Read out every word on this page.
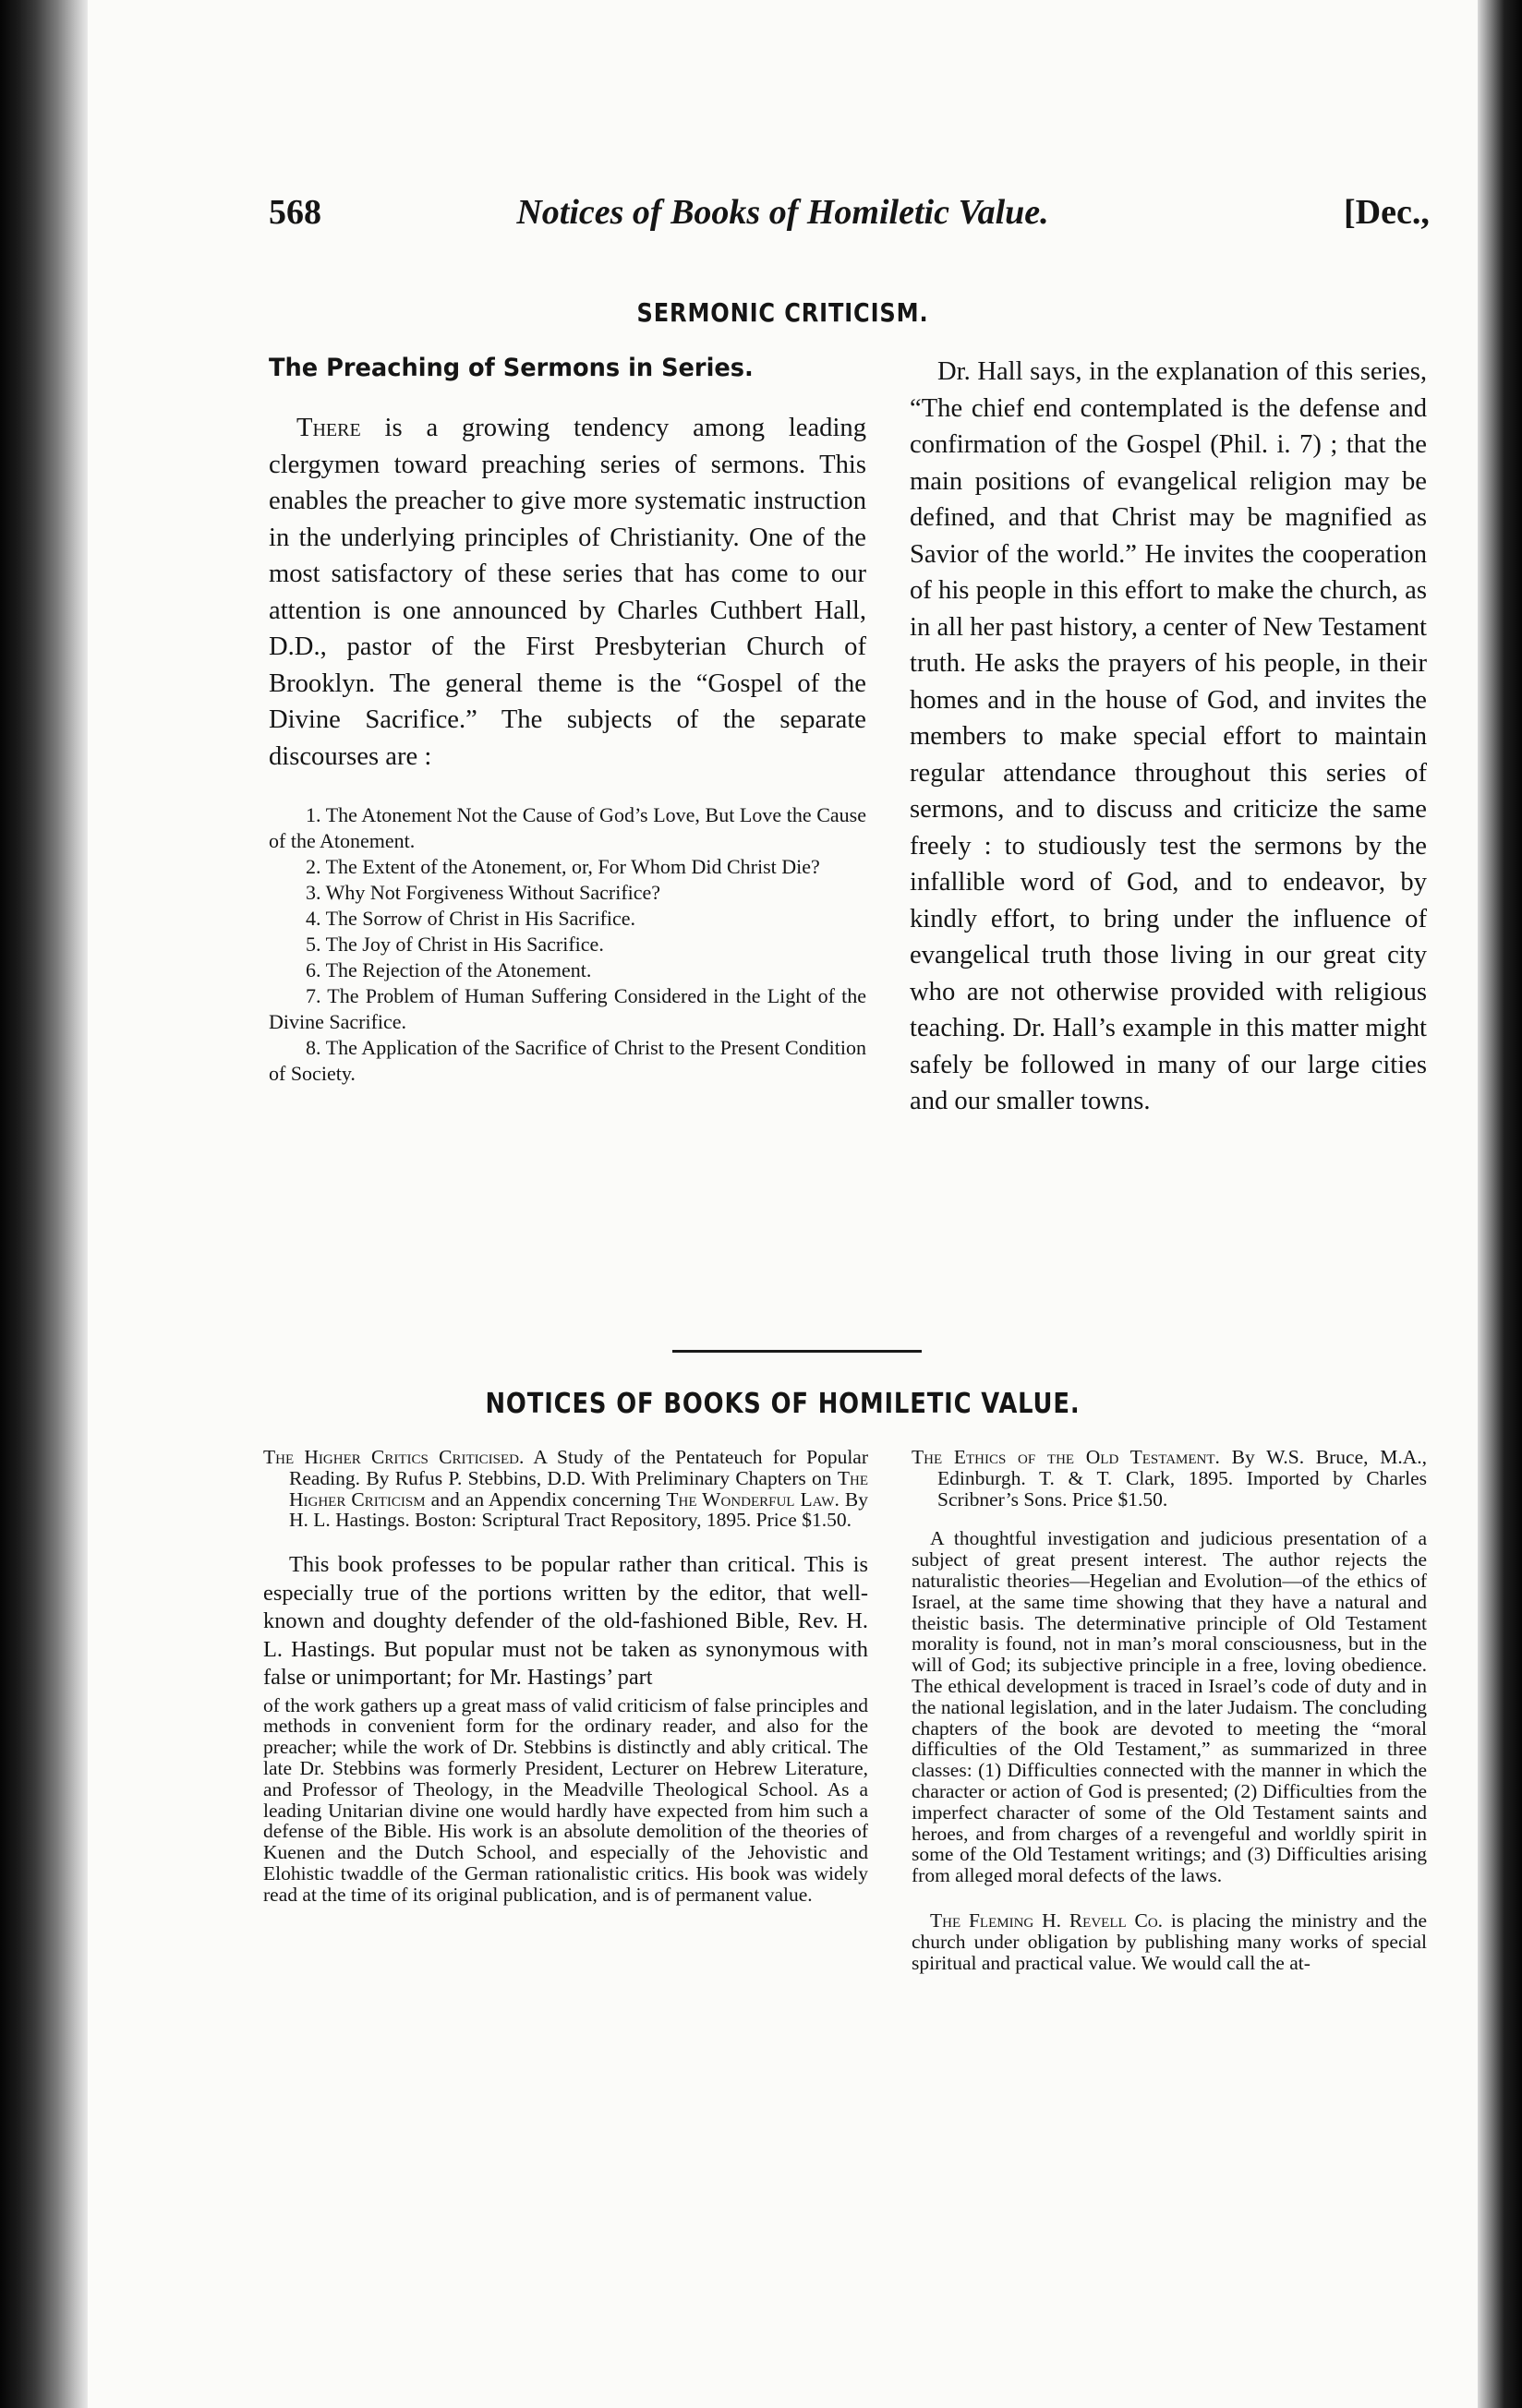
568	Notices of Books of Homiletic Value.	[Dec.,
SERMONIC CRITICISM.
The Preaching of Sermons in Series.

There is a growing tendency among leading clergymen toward preaching series of sermons. This enables the preacher to give more systematic instruction in the underlying principles of Christianity. One of the most satisfactory of these series that has come to our attention is one announced by Charles Cuthbert Hall, D.D., pastor of the First Presbyterian Church of Brooklyn. The general theme is the “Gospel of the Divine Sacrifice.” The subjects of the separate discourses are :

1. The Atonement Not the Cause of God’s Love, But Love the Cause of the Atonement.
2. The Extent of the Atonement, or, For Whom Did Christ Die?
3. Why Not Forgiveness Without Sacrifice?
4. The Sorrow of Christ in His Sacrifice.
5. The Joy of Christ in His Sacrifice.
6. The Rejection of the Atonement.
7. The Problem of Human Suffering Considered in the Light of the Divine Sacrifice.
8. The Application of the Sacrifice of Christ to the Present Condition of Society.

Dr. Hall says, in the explanation of this series, “The chief end contemplated is the defense and confirmation of the Gospel (Phil. i. 7) ; that the main positions of evangelical religion may be defined, and that Christ may be magnified as Savior of the world.” He invites the cooperation of his people in this effort to make the church, as in all her past history, a center of New Testament truth. He asks the prayers of his people, in their homes and in the house of God, and invites the members to make special effort to maintain regular attendance throughout this series of sermons, and to discuss and criticize the same freely : to studiously test the sermons by the infallible word of God, and to endeavor, by kindly effort, to bring under the influence of evangelical truth those living in our great city who are not otherwise provided with religious teaching. Dr. Hall’s example in this matter might safely be followed in many of our large cities and our smaller towns.

NOTICES OF BOOKS OF HOMILETIC VALUE.

The Higher Critics Criticised. A Study of the Pentateuch for Popular Reading. By Rufus P. Stebbins, D.D. With Preliminary Chapters on The Higher Criticism and an Appendix concerning The Wonderful Law. By H. L. Hastings. Boston: Scriptural Tract Repository, 1895. Price $1.50.

This book professes to be popular rather than critical. This is especially true of the portions written by the editor, that well-known and doughty defender of the old-fashioned Bible, Rev. H. L. Hastings. But popular must not be taken as synonymous with false or unimportant; for Mr. Hastings’ part

of the work gathers up a great mass of valid criticism of false principles and methods in convenient form for the ordinary reader, and also for the preacher; while the work of Dr. Stebbins is distinctly and ably critical. The late Dr. Stebbins was formerly President, Lecturer on Hebrew Literature, and Professor of Theology, in the Meadville Theological School. As a leading Unitarian divine one would hardly have expected from him such a defense of the Bible. His work is an absolute demolition of the theories of Kuenen and the Dutch School, and especially of the Jehovistic and Elohistic twaddle of the German rationalistic critics. His book was widely read at the time of its original publication, and is of permanent value.

The Ethics of the Old Testament. By W.S. Bruce, M.A., Edinburgh. T. & T. Clark, 1895. Imported by Charles Scribner’s Sons. Price $1.50.

A thoughtful investigation and judicious presentation of a subject of great present interest. The author rejects the naturalistic theories—Hegelian and Evolution—of the ethics of Israel, at the same time showing that they have a natural and theistic basis. The determinative principle of Old Testament morality is found, not in man’s moral consciousness, but in the will of God; its subjective principle in a free, loving obedience. The ethical development is traced in Israel’s code of duty and in the national legislation, and in the later Judaism. The concluding chapters of the book are devoted to meeting the “moral difficulties of the Old Testament,” as summarized in three classes: (1) Difficulties connected with the manner in which the character or action of God is presented; (2) Difficulties from the imperfect character of some of the Old Testament saints and heroes, and from charges of a revengeful and worldly spirit in some of the Old Testament writings; and (3) Difficulties arising from alleged moral defects of the laws.

The Fleming H. Revell Co. is placing the ministry and the church under obligation by publishing many works of special spiritual and practical value. We would call the at-
